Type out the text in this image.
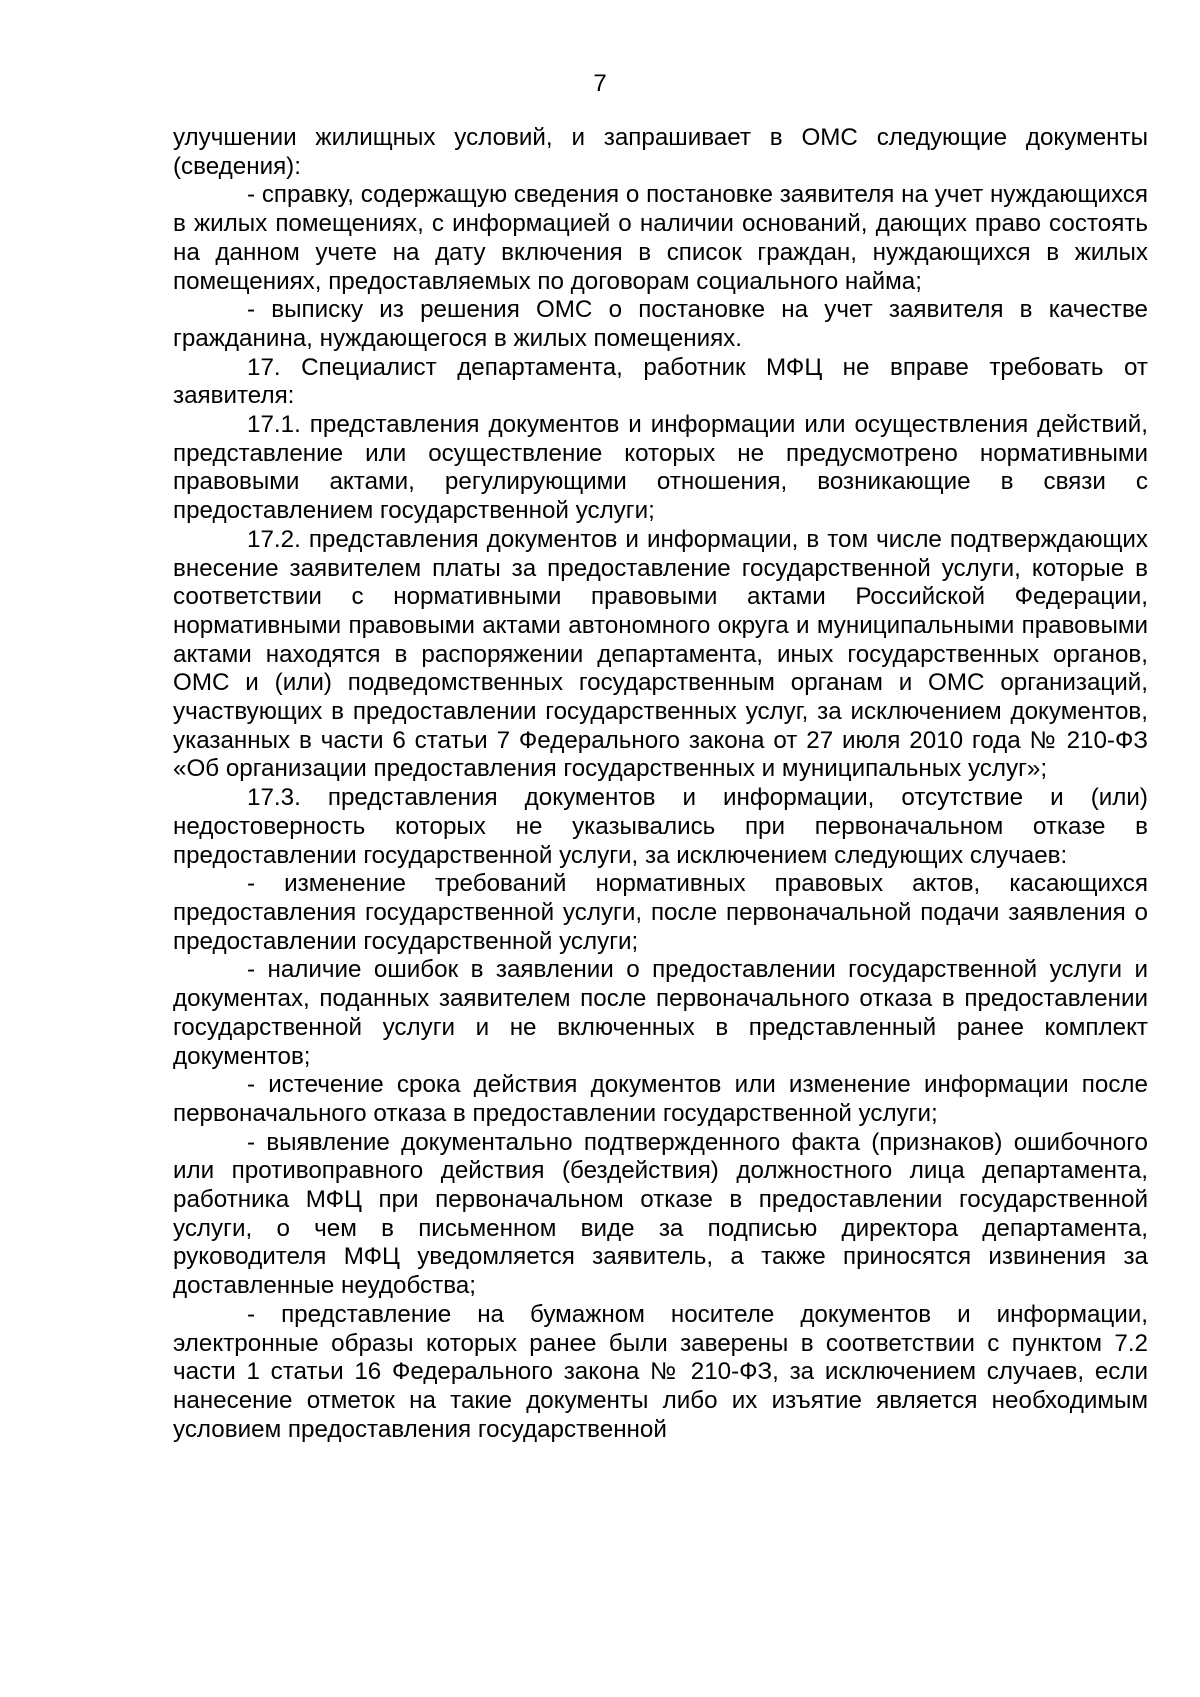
7

улучшении жилищных условий, и запрашивает в ОМС следующие документы (сведения):

- справку, содержащую сведения о постановке заявителя на учет нуждающихся в жилых помещениях, с информацией о наличии оснований, дающих право состоять на данном учете на дату включения в список граждан, нуждающихся в жилых помещениях, предоставляемых по договорам социального найма;

- выписку из решения ОМС о постановке на учет заявителя в качестве гражданина, нуждающегося в жилых помещениях.

17. Специалист департамента, работник МФЦ не вправе требовать от заявителя:

17.1. представления документов и информации или осуществления действий, представление или осуществление которых не предусмотрено нормативными правовыми актами, регулирующими отношения, возникающие в связи с предоставлением государственной услуги;

17.2. представления документов и информации, в том числе подтверждающих внесение заявителем платы за предоставление государственной услуги, которые в соответствии с нормативными правовыми актами Российской Федерации, нормативными правовыми актами автономного округа и муниципальными правовыми актами находятся в распоряжении департамента, иных государственных органов, ОМС и (или) подведомственных государственным органам и ОМС организаций, участвующих в предоставлении государственных услуг, за исключением документов, указанных в части 6 статьи 7 Федерального закона от 27 июля 2010 года № 210-ФЗ «Об организации предоставления государственных и муниципальных услуг»;

17.3. представления документов и информации, отсутствие и (или) недостоверность которых не указывались при первоначальном отказе в предоставлении государственной услуги, за исключением следующих случаев:

- изменение требований нормативных правовых актов, касающихся предоставления государственной услуги, после первоначальной подачи заявления о предоставлении государственной услуги;

- наличие ошибок в заявлении о предоставлении государственной услуги и документах, поданных заявителем после первоначального отказа в предоставлении государственной услуги и не включенных в представленный ранее комплект документов;

- истечение срока действия документов или изменение информации после первоначального отказа в предоставлении государственной услуги;

- выявление документально подтвержденного факта (признаков) ошибочного или противоправного действия (бездействия) должностного лица департамента, работника МФЦ при первоначальном отказе в предоставлении государственной услуги, о чем в письменном виде за подписью директора департамента, руководителя МФЦ уведомляется заявитель, а также приносятся извинения за доставленные неудобства;

- представление на бумажном носителе документов и информации, электронные образы которых ранее были заверены в соответствии с пунктом 7.2 части 1 статьи 16 Федерального закона № 210-ФЗ, за исключением случаев, если нанесение отметок на такие документы либо их изъятие является необходимым условием предоставления государственной
